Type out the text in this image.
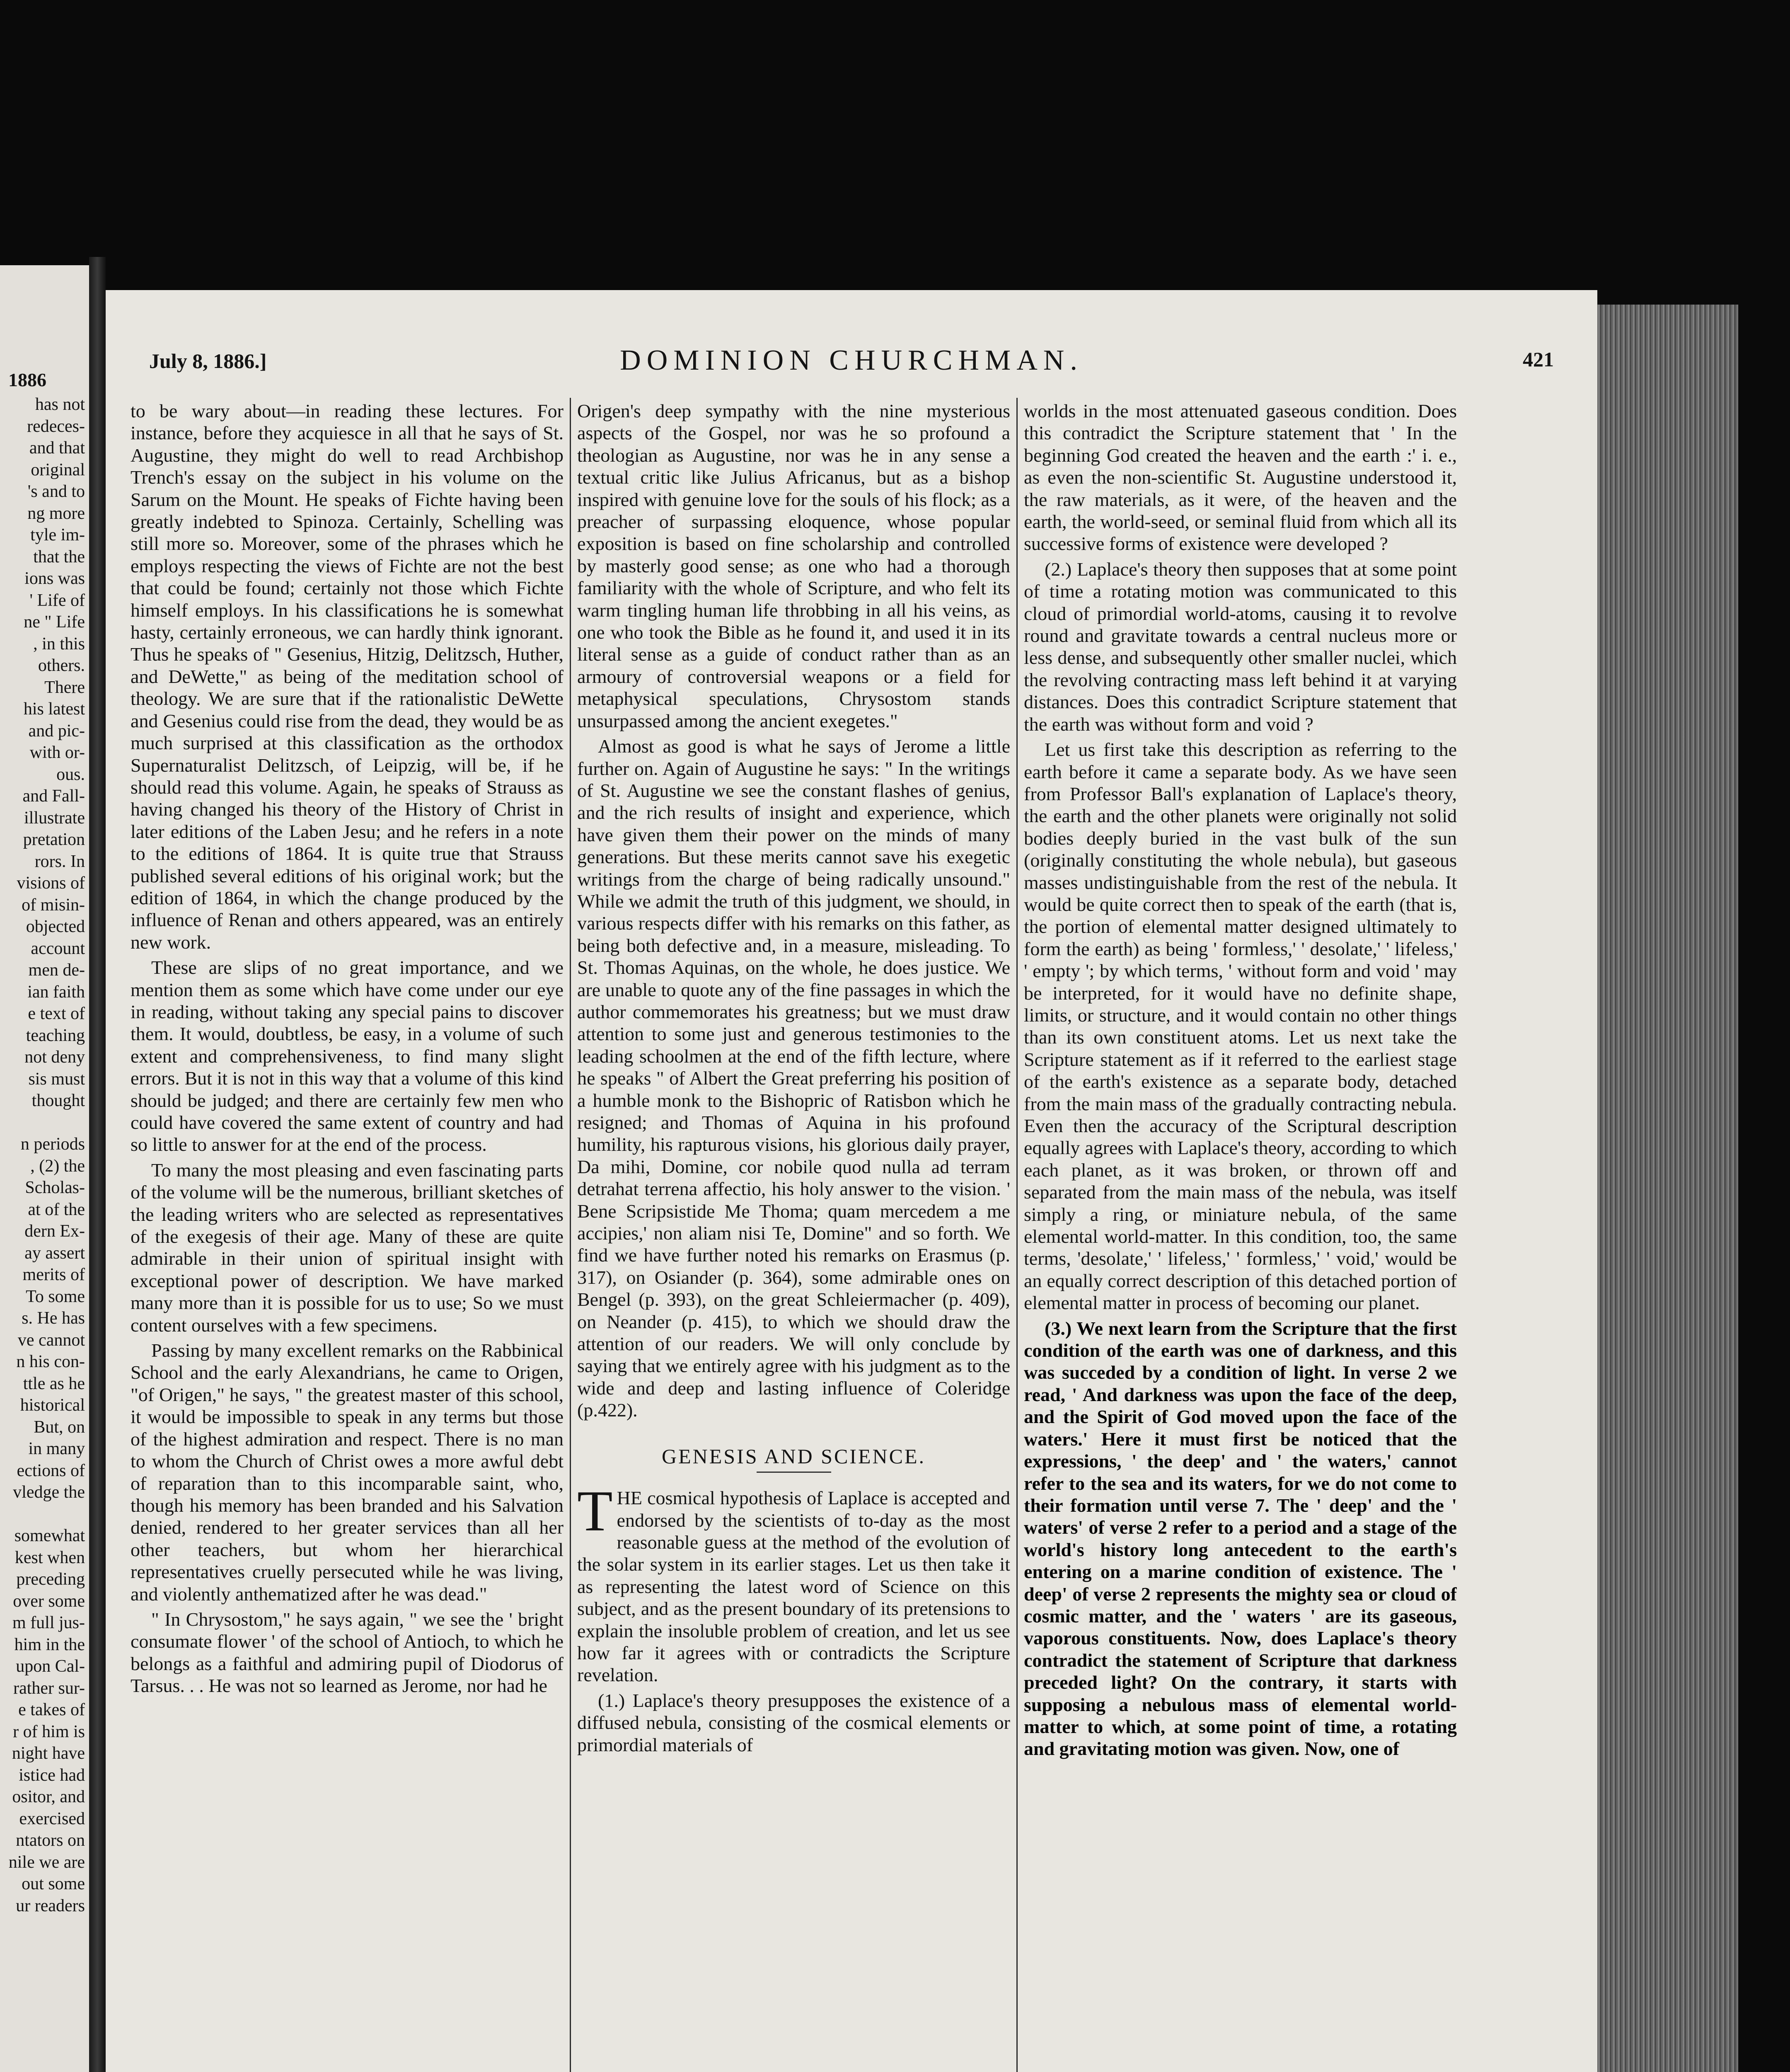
1886
has not
redeces-
and that
original
's and to
ng more
tyle im-
that the
ions was
' Life of
ne " Life
, in this
others.
There
his latest
and pic-
with or-
ous.
and Fall-
illustrate
pretation
rors. In
visions of
of misin-
objected
account
men de-
ian faith
e text of
teaching
not deny
sis must
thought
n periods
, (2) the
Scholas-
at of the
dern Ex-
ay assert
merits of
To some
s. He has
ve cannot
n his con-
ttle as he
historical
But, on
in many
ections of
vledge the
somewhat
kest when
preceding
over some
m full jus-
him in the
upon Cal-
rather sur-
e takes of
r of him is
night have
istice had
ositor, and
exercised
ntators on
nile we are
out some
ur readers
July 8, 1886.]	DOMINION CHURCHMAN.	421

to be wary about—in reading these lectures. For instance, before they acquiesce in all that he says of St. Augustine, they might do well to read Archbishop Trench's essay on the subject in his volume on the Sarum on the Mount. He speaks of Fichte having been greatly indebted to Spinoza. Certainly, Schelling was still more so. Moreover, some of the phrases which he employs respecting the views of Fichte are not the best that could be found; certainly not those which Fichte himself employs. In his classifications he is somewhat hasty, certainly erroneous, we can hardly think ignorant. Thus he speaks of " Gesenius, Hitzig, Delitzsch, Huther, and DeWette," as being of the meditation school of theology. We are sure that if the rationalistic DeWette and Gesenius could rise from the dead, they would be as much surprised at this classification as the orthodox Supernaturalist Delitzsch, of Leipzig, will be, if he should read this volume. Again, he speaks of Strauss as having changed his theory of the History of Christ in later editions of the Laben Jesu; and he refers in a note to the editions of 1864. It is quite true that Strauss published several editions of his original work; but the edition of 1864, in which the change produced by the influence of Renan and others appeared, was an entirely new work.

These are slips of no great importance, and we mention them as some which have come under our eye in reading, without taking any special pains to discover them. It would, doubtless, be easy, in a volume of such extent and comprehensiveness, to find many slight errors. But it is not in this way that a volume of this kind should be judged; and there are certainly few men who could have covered the same extent of country and had so little to answer for at the end of the process.

To many the most pleasing and even fascinating parts of the volume will be the numerous, brilliant sketches of the leading writers who are selected as representatives of the exegesis of their age. Many of these are quite admirable in their union of spiritual insight with exceptional power of description. We have marked many more than it is possible for us to use; So we must content ourselves with a few specimens.

Passing by many excellent remarks on the Rabbinical School and the early Alexandrians, he came to Origen, "of Origen," he says, " the greatest master of this school, it would be impossible to speak in any terms but those of the highest admiration and respect. There is no man to whom the Church of Christ owes a more awful debt of reparation than to this incomparable saint, who, though his memory has been branded and his Salvation denied, rendered to her greater services than all her other teachers, but whom her hierarchical representatives cruelly persecuted while he was living, and violently anthematized after he was dead."

" In Chrysostom," he says again, " we see the ' bright consumate flower ' of the school of Antioch, to which he belongs as a faithful and admiring pupil of Diodorus of Tarsus. . . He was not so learned as Jerome, nor had he

Origen's deep sympathy with the nine mysterious aspects of the Gospel, nor was he so profound a theologian as Augustine, nor was he in any sense a textual critic like Julius Africanus, but as a bishop inspired with genuine love for the souls of his flock; as a preacher of surpassing eloquence, whose popular exposition is based on fine scholarship and controlled by masterly good sense; as one who had a thorough familiarity with the whole of Scripture, and who felt its warm tingling human life throbbing in all his veins, as one who took the Bible as he found it, and used it in its literal sense as a guide of conduct rather than as an armoury of controversial weapons or a field for metaphysical speculations, Chrysostom stands unsurpassed among the ancient exegetes."

Almost as good is what he says of Jerome a little further on. Again of Augustine he says: " In the writings of St. Augustine we see the constant flashes of genius, and the rich results of insight and experience, which have given them their power on the minds of many generations. But these merits cannot save his exegetic writings from the charge of being radically unsound." While we admit the truth of this judgment, we should, in various respects differ with his remarks on this father, as being both defective and, in a measure, misleading. To St. Thomas Aquinas, on the whole, he does justice. We are unable to quote any of the fine passages in which the author commemorates his greatness; but we must draw attention to some just and generous testimonies to the leading schoolmen at the end of the fifth lecture, where he speaks " of Albert the Great preferring his position of a humble monk to the Bishopric of Ratisbon which he resigned; and Thomas of Aquina in his profound humility, his rapturous visions, his glorious daily prayer, Da mihi, Domine, cor nobile quod nulla ad terram detrahat terrena affectio, his holy answer to the vision. ' Bene Scripsistide Me Thoma; quam mercedem a me accipies,' non aliam nisi Te, Domine" and so forth. We find we have further noted his remarks on Erasmus (p. 317), on Osiander (p. 364), some admirable ones on Bengel (p. 393), on the great Schleiermacher (p. 409), on Neander (p. 415), to which we should draw the attention of our readers. We will only conclude by saying that we entirely agree with his judgment as to the wide and deep and lasting influence of Coleridge (p.422).

GENESIS AND SCIENCE.

THE cosmical hypothesis of Laplace is accepted and endorsed by the scientists of to-day as the most reasonable guess at the method of the evolution of the solar system in its earlier stages. Let us then take it as representing the latest word of Science on this subject, and as the present boundary of its pretensions to explain the insoluble problem of creation, and let us see how far it agrees with or contradicts the Scripture revelation.

(1.) Laplace's theory presupposes the existence of a diffused nebula, consisting of the cosmical elements or primordial materials of

worlds in the most attenuated gaseous condition. Does this contradict the Scripture statement that ' In the beginning God created the heaven and the earth :' i. e., as even the non-scientific St. Augustine understood it, the raw materials, as it were, of the heaven and the earth, the world-seed, or seminal fluid from which all its successive forms of existence were developed ?

(2.) Laplace's theory then supposes that at some point of time a rotating motion was communicated to this cloud of primordial world-atoms, causing it to revolve round and gravitate towards a central nucleus more or less dense, and subsequently other smaller nuclei, which the revolving contracting mass left behind it at varying distances. Does this contradict Scripture statement that the earth was without form and void ?

Let us first take this description as referring to the earth before it came a separate body. As we have seen from Professor Ball's explanation of Laplace's theory, the earth and the other planets were originally not solid bodies deeply buried in the vast bulk of the sun (originally constituting the whole nebula), but gaseous masses undistinguishable from the rest of the nebula. It would be quite correct then to speak of the earth (that is, the portion of elemental matter designed ultimately to form the earth) as being ' formless,' ' desolate,' ' lifeless,' ' empty '; by which terms, ' without form and void ' may be interpreted, for it would have no definite shape, limits, or structure, and it would contain no other things than its own constituent atoms. Let us next take the Scripture statement as if it referred to the earliest stage of the earth's existence as a separate body, detached from the main mass of the gradually contracting nebula. Even then the accuracy of the Scriptural description equally agrees with Laplace's theory, according to which each planet, as it was broken, or thrown off and separated from the main mass of the nebula, was itself simply a ring, or miniature nebula, of the same elemental world-matter. In this condition, too, the same terms, 'desolate,' ' lifeless,' ' formless,' ' void,' would be an equally correct description of this detached portion of elemental matter in process of becoming our planet.

(3.) We next learn from the Scripture that the first condition of the earth was one of darkness, and this was succeded by a condition of light. In verse 2 we read, ' And darkness was upon the face of the deep, and the Spirit of God moved upon the face of the waters.' Here it must first be noticed that the expressions, ' the deep' and ' the waters,' cannot refer to the sea and its waters, for we do not come to their formation until verse 7. The ' deep' and the ' waters' of verse 2 refer to a period and a stage of the world's history long antecedent to the earth's entering on a marine condition of existence. The ' deep' of verse 2 represents the mighty sea or cloud of cosmic matter, and the ' waters ' are its gaseous, vaporous constituents. Now, does Laplace's theory contradict the statement of Scripture that darkness preceded light? On the contrary, it starts with supposing a nebulous mass of elemental world-matter to which, at some point of time, a rotating and gravitating motion was given. Now, one of
